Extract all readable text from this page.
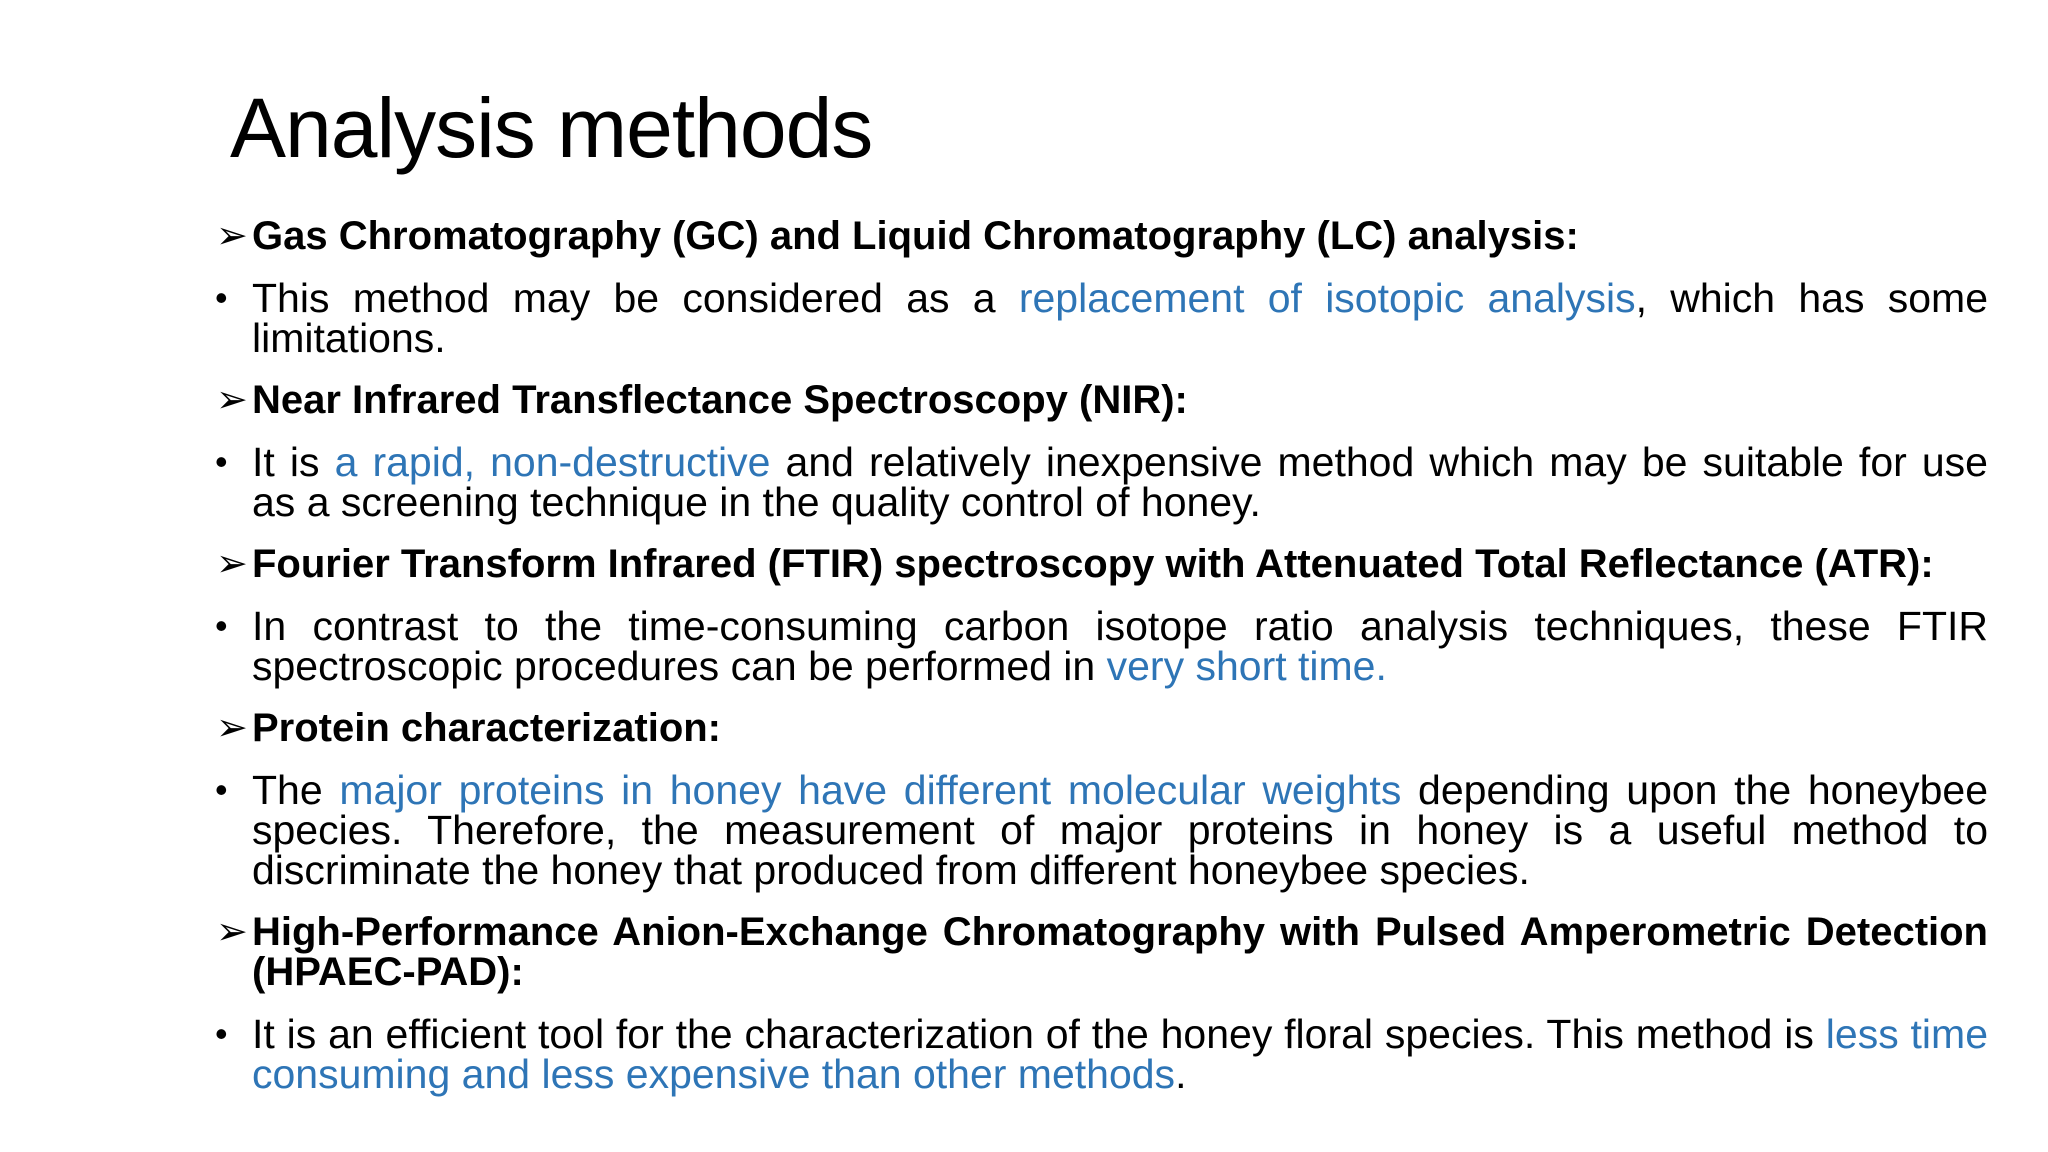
Analysis methods
➢ Gas Chromatography (GC) and Liquid Chromatography (LC) analysis:
• This method may be considered as a replacement of isotopic analysis, which has some limitations.
➢ Near Infrared Transflectance Spectroscopy (NIR):
• It is a rapid, non-destructive and relatively inexpensive method which may be suitable for use as a screening technique in the quality control of honey.
➢ Fourier Transform Infrared (FTIR) spectroscopy with Attenuated Total Reflectance (ATR):
• In contrast to the time-consuming carbon isotope ratio analysis techniques, these FTIR spectroscopic procedures can be performed in very short time.
➢ Protein characterization:
• The major proteins in honey have different molecular weights depending upon the honeybee species. Therefore, the measurement of major proteins in honey is a useful method to discriminate the honey that produced from different honeybee species.
➢ High-Performance Anion-Exchange Chromatography with Pulsed Amperometric Detection (HPAEC-PAD):
• It is an efficient tool for the characterization of the honey floral species. This method is less time consuming and less expensive than other methods.
